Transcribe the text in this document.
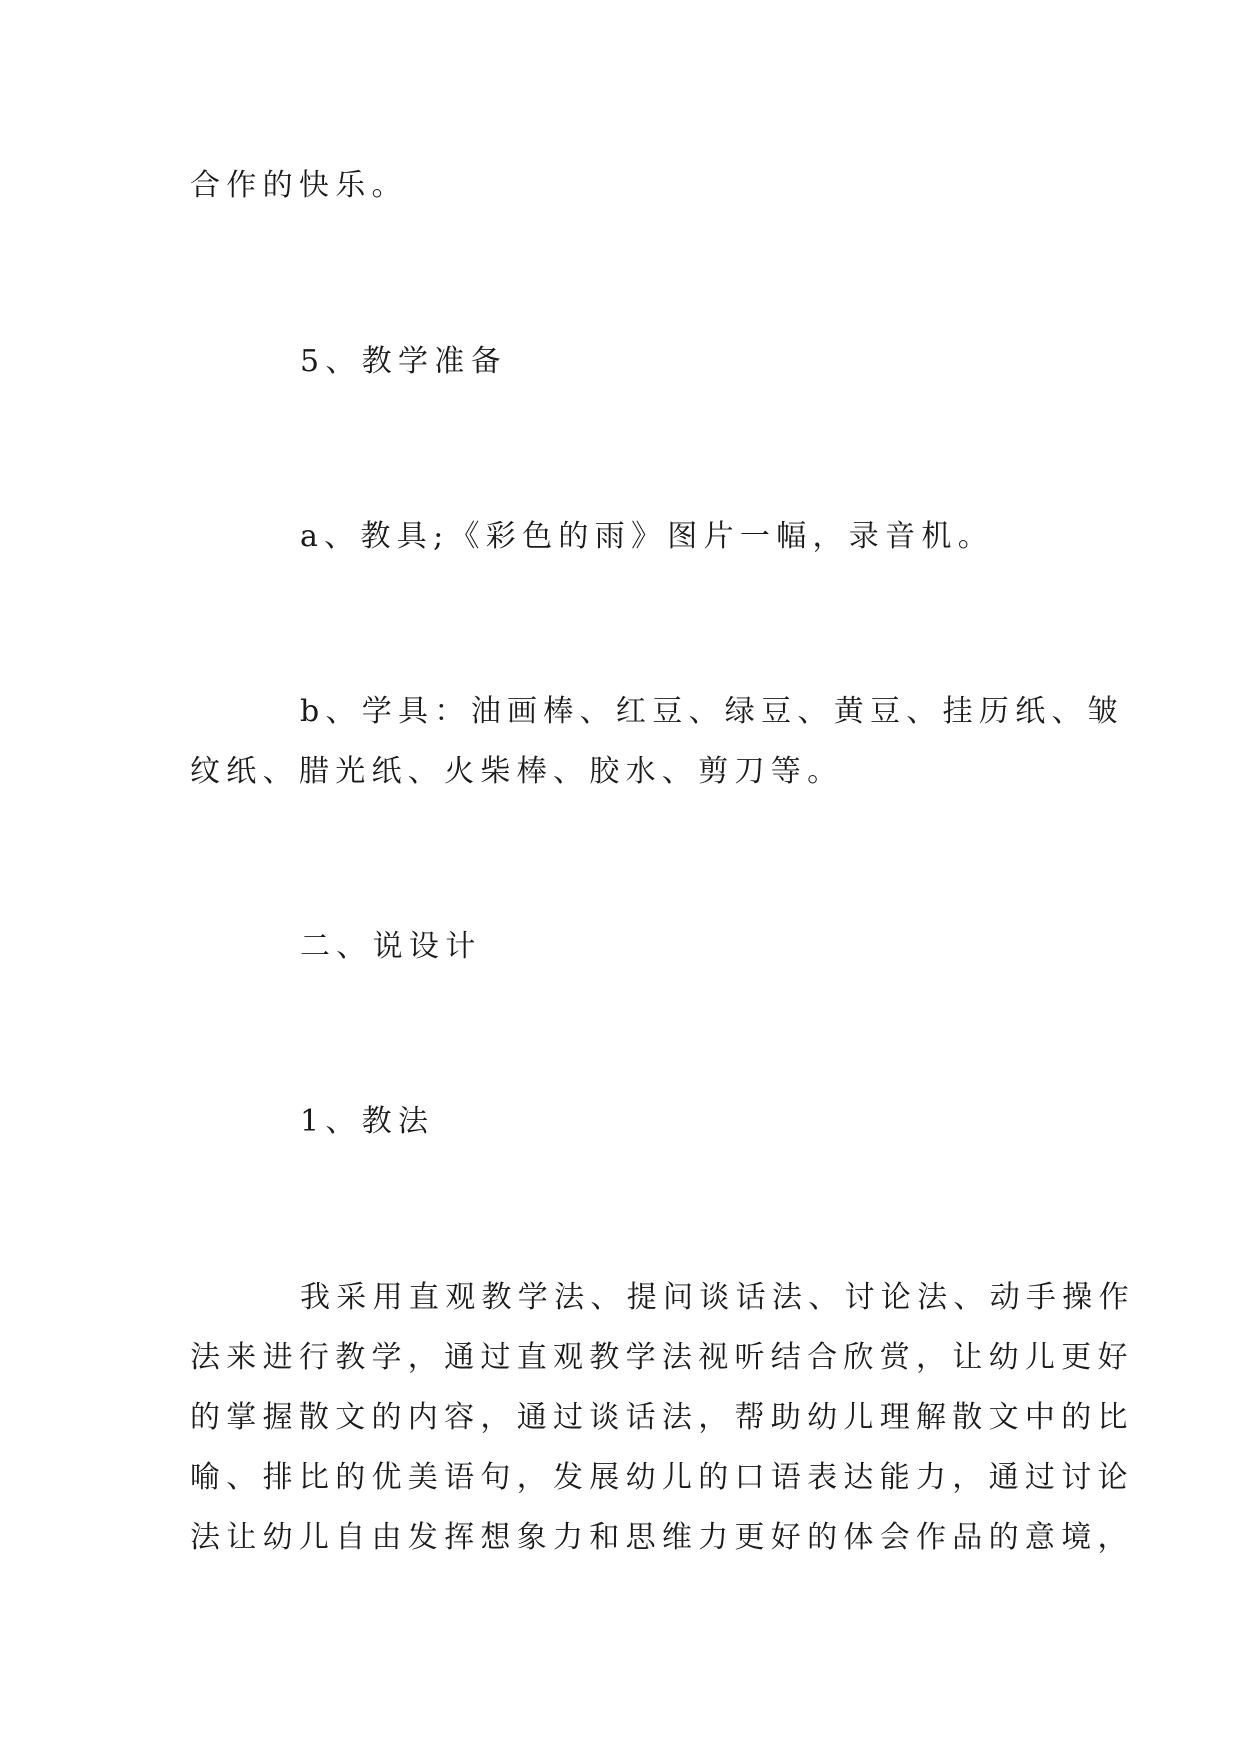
合作的快乐。

5、教学准备

a、教具;《彩色的雨》图片一幅，录音机。

b、学具：油画棒、红豆、绿豆、黄豆、挂历纸、皱

纹纸、腊光纸、火柴棒、胶水、剪刀等。

二、说设计

1、教法

我采用直观教学法、提问谈话法、讨论法、动手操作

法来进行教学，通过直观教学法视听结合欣赏，让幼儿更好

的掌握散文的内容，通过谈话法，帮助幼儿理解散文中的比

喻、排比的优美语句，发展幼儿的口语表达能力，通过讨论

法让幼儿自由发挥想象力和思维力更好的体会作品的意境，
